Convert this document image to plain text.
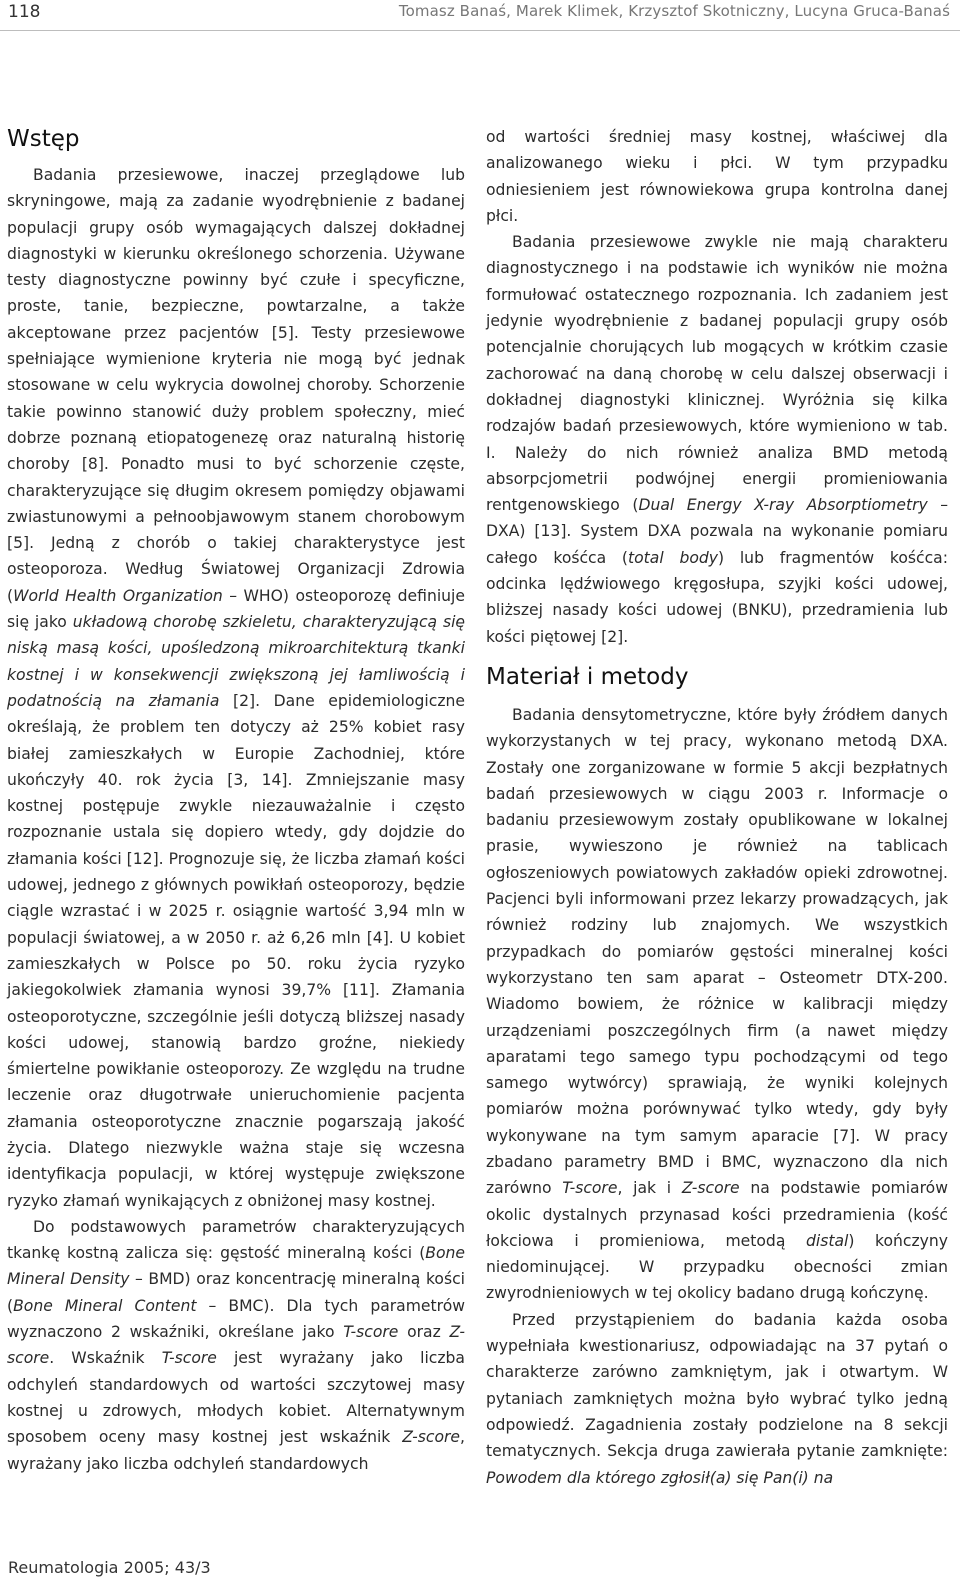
118	Tomasz Banaś, Marek Klimek, Krzysztof Skotniczny, Lucyna Gruca-Banaś
Wstęp

Badania przesiewowe, inaczej przeglądowe lub skryningowe, mają za zadanie wyodrębnienie z badanej populacji grupy osób wymagających dalszej dokładnej diagnostyki w kierunku określonego schorzenia. Używane testy diagnostyczne powinny być czułe i specyficzne, proste, tanie, bezpieczne, powtarzalne, a także akceptowane przez pacjentów [5]. Testy przesiewowe spełniające wymienione kryteria nie mogą być jednak stosowane w celu wykrycia dowolnej choroby. Schorzenie takie powinno stanowić duży problem społeczny, mieć dobrze poznaną etiopatogenezę oraz naturalną historię choroby [8]. Ponadto musi to być schorzenie częste, charakteryzujące się długim okresem pomiędzy objawami zwiastunowymi a pełnoobjawowym stanem chorobowym [5]. Jedną z chorób o takiej charakterystyce jest osteoporoza. Według Światowej Organizacji Zdrowia (World Health Organization – WHO) osteoporozę definiuje się jako układową chorobę szkieletu, charakteryzującą się niską masą kości, upośledzoną mikroarchitekturą tkanki kostnej i w konsekwencji zwiększoną jej łamliwością i podatnością na złamania [2]. Dane epidemiologiczne określają, że problem ten dotyczy aż 25% kobiet rasy białej zamieszkałych w Europie Zachodniej, które ukończyły 40. rok życia [3, 14]. Zmniejszanie masy kostnej postępuje zwykle niezauważalnie i często rozpoznanie ustala się dopiero wtedy, gdy dojdzie do złamania kości [12]. Prognozuje się, że liczba złamań kości udowej, jednego z głównych powikłań osteoporozy, będzie ciągle wzrastać i w 2025 r. osiągnie wartość 3,94 mln w populacji światowej, a w 2050 r. aż 6,26 mln [4]. U kobiet zamieszkałych w Polsce po 50. roku życia ryzyko jakiegokolwiek złamania wynosi 39,7% [11]. Złamania osteoporotyczne, szczególnie jeśli dotyczą bliższej nasady kości udowej, stanowią bardzo groźne, niekiedy śmiertelne powikłanie osteoporozy. Ze względu na trudne leczenie oraz długotrwałe unieruchomienie pacjenta złamania osteoporotyczne znacznie pogarszają jakość życia. Dlatego niezwykle ważna staje się wczesna identyfikacja populacji, w której występuje zwiększone ryzyko złamań wynikających z obniżonej masy kostnej.

Do podstawowych parametrów charakteryzujących tkankę kostną zalicza się: gęstość mineralną kości (Bone Mineral Density – BMD) oraz koncentrację mineralną kości (Bone Mineral Content – BMC). Dla tych parametrów wyznaczono 2 wskaźniki, określane jako T-score oraz Z-score. Wskaźnik T-score jest wyrażany jako liczba odchyleń standardowych od wartości szczytowej masy kostnej u zdrowych, młodych kobiet. Alternatywnym sposobem oceny masy kostnej jest wskaźnik Z-score, wyrażany jako liczba odchyleń standardowych

od wartości średniej masy kostnej, właściwej dla analizowanego wieku i płci. W tym przypadku odniesieniem jest równowiekowa grupa kontrolna danej płci.

Badania przesiewowe zwykle nie mają charakteru diagnostycznego i na podstawie ich wyników nie można formułować ostatecznego rozpoznania. Ich zadaniem jest jedynie wyodrębnienie z badanej populacji grupy osób potencjalnie chorujących lub mogących w krótkim czasie zachorować na daną chorobę w celu dalszej obserwacji i dokładnej diagnostyki klinicznej. Wyróżnia się kilka rodzajów badań przesiewowych, które wymieniono w tab. I. Należy do nich również analiza BMD metodą absorpcjometrii podwójnej energii promieniowania rentgenowskiego (Dual Energy X-ray Absorptiometry – DXA) [13]. System DXA pozwala na wykonanie pomiaru całego kośćca (total body) lub fragmentów kośćca: odcinka lędźwiowego kręgosłupa, szyjki kości udowej, bliższej nasady kości udowej (BNKU), przedramienia lub kości piętowej [2].

Materiał i metody

Badania densytometryczne, które były źródłem danych wykorzystanych w tej pracy, wykonano metodą DXA. Zostały one zorganizowane w formie 5 akcji bezpłatnych badań przesiewowych w ciągu 2003 r. Informacje o badaniu przesiewowym zostały opublikowane w lokalnej prasie, wywieszono je również na tablicach ogłoszeniowych powiatowych zakładów opieki zdrowotnej. Pacjenci byli informowani przez lekarzy prowadzących, jak również rodziny lub znajomych. We wszystkich przypadkach do pomiarów gęstości mineralnej kości wykorzystano ten sam aparat – Osteometr DTX-200. Wiadomo bowiem, że różnice w kalibracji między urządzeniami poszczególnych firm (a nawet między aparatami tego samego typu pochodzącymi od tego samego wytwórcy) sprawiają, że wyniki kolejnych pomiarów można porównywać tylko wtedy, gdy były wykonywane na tym samym aparacie [7]. W pracy zbadano parametry BMD i BMC, wyznaczono dla nich zarówno T-score, jak i Z-score na podstawie pomiarów okolic dystalnych przynasad kości przedramienia (kość łokciowa i promieniowa, metodą distal) kończyny niedominującej. W przypadku obecności zmian zwyrodnieniowych w tej okolicy badano drugą kończynę.

Przed przystąpieniem do badania każda osoba wypełniała kwestionariusz, odpowiadając na 37 pytań o charakterze zarówno zamkniętym, jak i otwartym. W pytaniach zamkniętych można było wybrać tylko jedną odpowiedź. Zagadnienia zostały podzielone na 8 sekcji tematycznych. Sekcja druga zawierała pytanie zamknięte: Powodem dla którego zgłosił(a) się Pan(i) na

Reumatologia 2005; 43/3
